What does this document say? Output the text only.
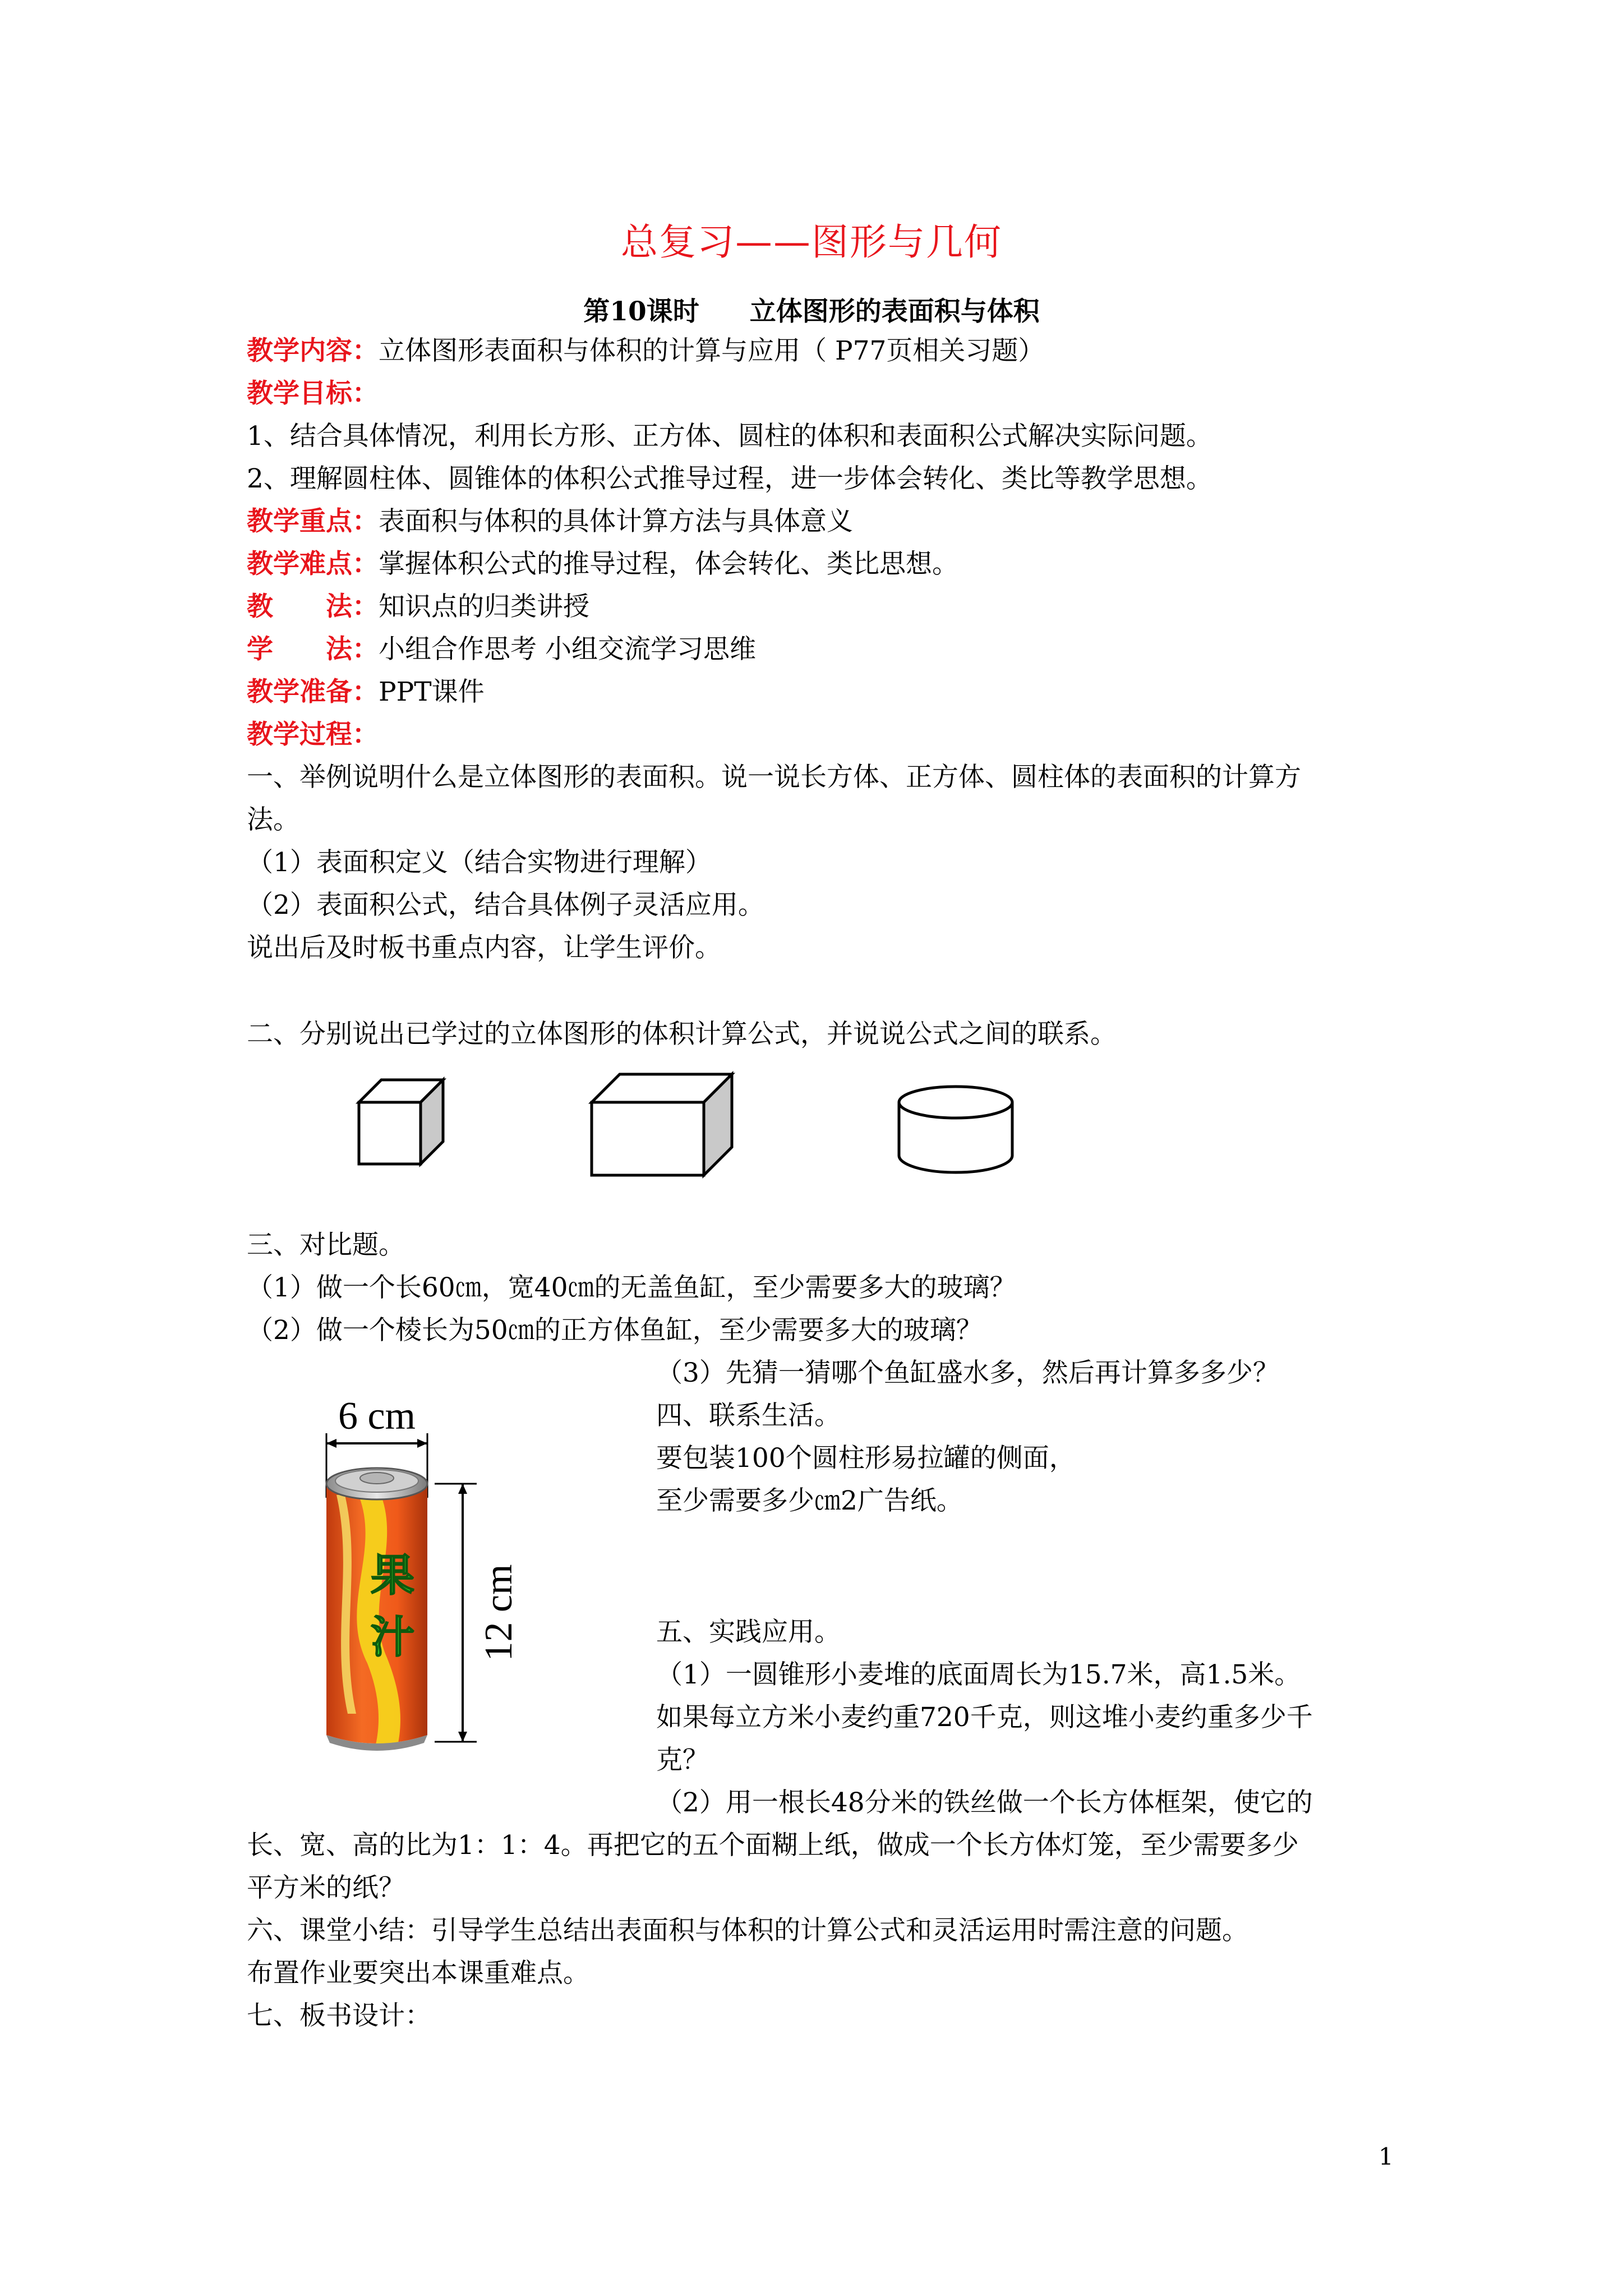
总复习——图形与几何
第10课时 立体图形的表面积与体积
教学内容：立体图形表面积与体积的计算与应用（ P77页相关习题）
教学目标：
1、结合具体情况，利用长方形、正方体、圆柱的体积和表面积公式解决实际问题。
2、理解圆柱体、圆锥体的体积公式推导过程，进一步体会转化、类比等教学思想。
教学重点：表面积与体积的具体计算方法与具体意义
教学难点：掌握体积公式的推导过程，体会转化、类比思想。
教　　法：知识点的归类讲授
学　　法：小组合作思考 小组交流学习思维
教学准备：PPT课件
教学过程：
一、举例说明什么是立体图形的表面积。说一说长方体、正方体、圆柱体的表面积的计算方
法。
（1）表面积定义（结合实物进行理解）
（2）表面积公式，结合具体例子灵活应用。
说出后及时板书重点内容，让学生评价。
二、分别说出已学过的立体图形的体积计算公式，并说说公式之间的联系。
三、对比题。
（1）做一个长60㎝，宽40㎝的无盖鱼缸，至少需要多大的玻璃？
（2）做一个棱长为50㎝的正方体鱼缸，至少需要多大的玻璃？
（3）先猜一猜哪个鱼缸盛水多，然后再计算多多少？
四、联系生活。
要包装100个圆柱形易拉罐的侧面，
至少需要多少㎝2广告纸。
五、实践应用。
（1）一圆锥形小麦堆的底面周长为15.7米，高1.5米。
如果每立方米小麦约重720千克，则这堆小麦约重多少千
克？
（2）用一根长48分米的铁丝做一个长方体框架，使它的
长、宽、高的比为1：1：4。再把它的五个面糊上纸，做成一个长方体灯笼，至少需要多少
平方米的纸？
六、课堂小结：引导学生总结出表面积与体积的计算公式和灵活运用时需注意的问题。
布置作业要突出本课重难点。
七、板书设计：
6 cm
12 cm
果
汁
1
